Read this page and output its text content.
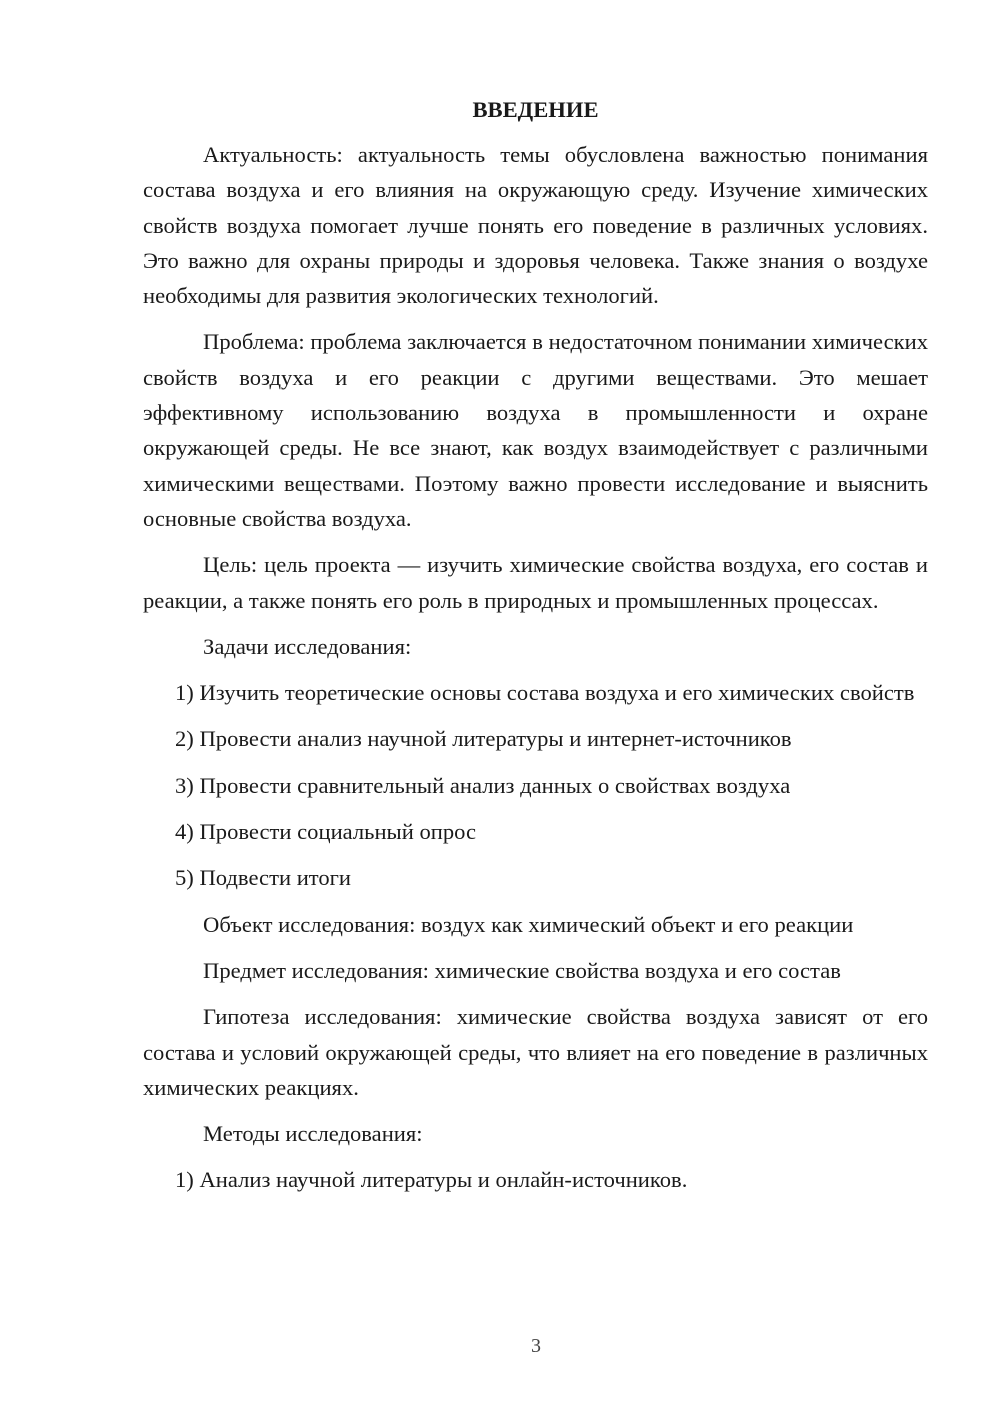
ВВЕДЕНИЕ

Актуальность: актуальность темы обусловлена важностью понимания состава воздуха и его влияния на окружающую среду. Изучение химических свойств воздуха помогает лучше понять его поведение в различных условиях. Это важно для охраны природы и здоровья человека. Также знания о воздухе необходимы для развития экологических технологий.

Проблема: проблема заключается в недостаточном понимании химических свойств воздуха и его реакции с другими веществами. Это мешает эффективному использованию воздуха в промышленности и охране окружающей среды. Не все знают, как воздух взаимодействует с различными химическими веществами. Поэтому важно провести исследование и выяснить основные свойства воздуха.

Цель: цель проекта — изучить химические свойства воздуха, его состав и реакции, а также понять его роль в природных и промышленных процессах.

Задачи исследования:

1) Изучить теоретические основы состава воздуха и его химических свойств

2) Провести анализ научной литературы и интернет-источников

3) Провести сравнительный анализ данных о свойствах воздуха

4) Провести социальный опрос

5) Подвести итоги

Объект исследования: воздух как химический объект и его реакции

Предмет исследования: химические свойства воздуха и его состав

Гипотеза исследования: химические свойства воздуха зависят от его состава и условий окружающей среды, что влияет на его поведение в различных химических реакциях.

Методы исследования:

1) Анализ научной литературы и онлайн-источников.

3
